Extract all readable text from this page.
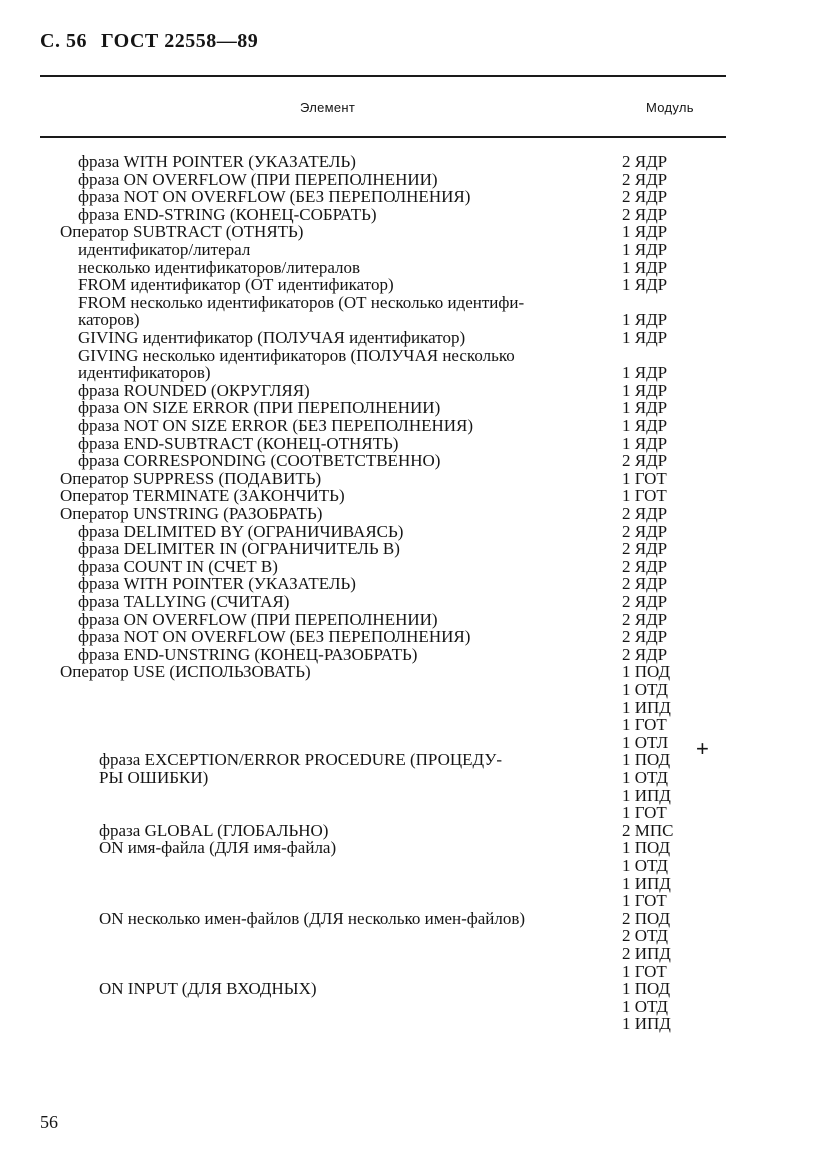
С. 56 ГОСТ 22558—89
Элемент	Модуль
фраза WITH POINTER (УКАЗАТЕЛЬ)	2 ЯДР
фраза ON OVERFLOW (ПРИ ПЕРЕПОЛНЕНИИ)	2 ЯДР
фраза NOT ON OVERFLOW (БЕЗ ПЕРЕПОЛНЕНИЯ)	2 ЯДР
фраза END-STRING (КОНЕЦ-СОБРАТЬ)	2 ЯДР
Оператор SUBTRACT (ОТНЯТЬ)	1 ЯДР
идентификатор/литерал	1 ЯДР
несколько идентификаторов/литералов	1 ЯДР
FROM идентификатор (ОТ идентификатор)	1 ЯДР
FROM несколько идентификаторов (ОТ несколько идентифи-
каторов)	1 ЯДР
GIVING идентификатор (ПОЛУЧАЯ идентификатор)	1 ЯДР
GIVING несколько идентификаторов (ПОЛУЧАЯ несколько
идентификаторов)	1 ЯДР
фраза ROUNDED (ОКРУГЛЯЯ)	1 ЯДР
фраза ON SIZE ERROR (ПРИ ПЕРЕПОЛНЕНИИ)	1 ЯДР
фраза NOT ON SIZE ERROR (БЕЗ ПЕРЕПОЛНЕНИЯ)	1 ЯДР
фраза END-SUBTRACT (КОНЕЦ-ОТНЯТЬ)	1 ЯДР
фраза CORRESPONDING (СООТВЕТСТВЕННО)	2 ЯДР
Оператор SUPPRESS (ПОДАВИТЬ)	1 ГОТ
Оператор TERMINATE (ЗАКОНЧИТЬ)	1 ГОТ
Оператор UNSTRING (РАЗОБРАТЬ)	2 ЯДР
фраза DELIMITED BY (ОГРАНИЧИВАЯСЬ)	2 ЯДР
фраза DELIMITER IN (ОГРАНИЧИТЕЛЬ В)	2 ЯДР
фраза COUNT IN (СЧЕТ В)	2 ЯДР
фраза WITH POINTER (УКАЗАТЕЛЬ)	2 ЯДР
фраза TALLYING (СЧИТАЯ)	2 ЯДР
фраза ON OVERFLOW (ПРИ ПЕРЕПОЛНЕНИИ)	2 ЯДР
фраза NOT ON OVERFLOW (БЕЗ ПЕРЕПОЛНЕНИЯ)	2 ЯДР
фраза END-UNSTRING (КОНЕЦ-РАЗОБРАТЬ)	2 ЯДР
Оператор USE (ИСПОЛЬЗОВАТЬ)	1 ПОД
1 ОТД
1 ИПД
1 ГОТ
1 ОТЛ
фраза EXCEPTION/ERROR PROCEDURE (ПРОЦЕДУ-	1 ПОД
РЫ ОШИБКИ)	1 ОТД
1 ИПД
1 ГОТ
фраза GLOBAL (ГЛОБАЛЬНО)	2 МПС
ON имя-файла (ДЛЯ имя-файла)	1 ПОД
1 ОТД
1 ИПД
1 ГОТ
ON несколько имен-файлов (ДЛЯ несколько имен-файлов)	2 ПОД
2 ОТД
2 ИПД
1 ГОТ
ON INPUT (ДЛЯ ВХОДНЫХ)	1 ПОД
1 ОТД
1 ИПД
+
56
